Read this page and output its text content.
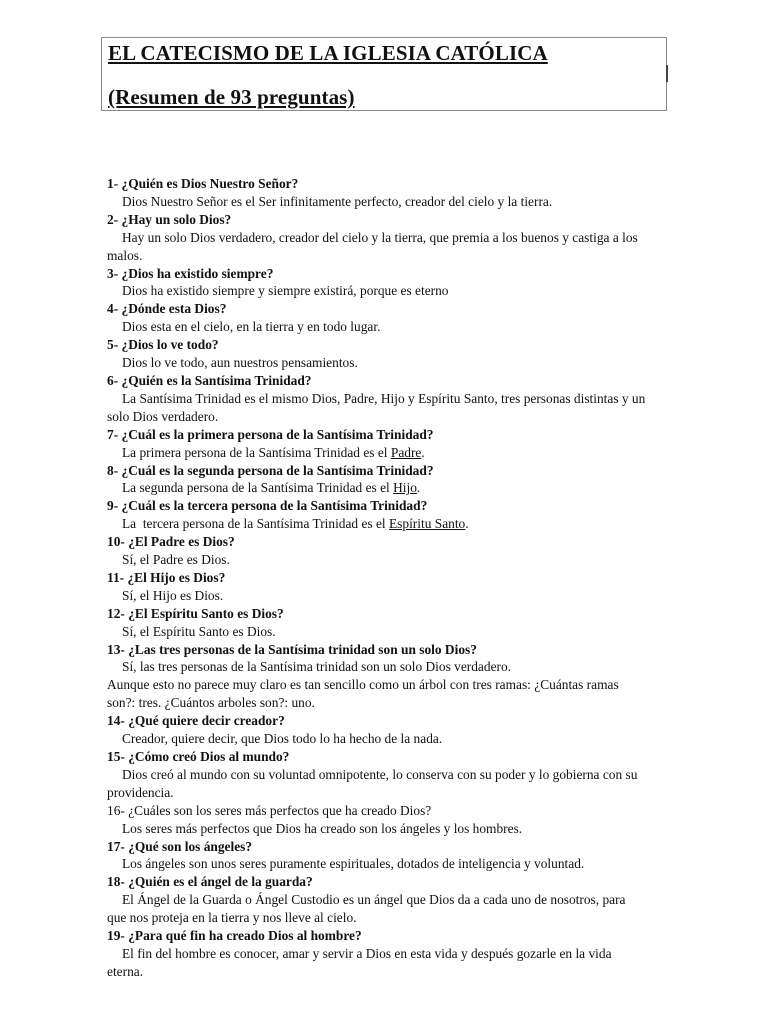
EL CATECISMO DE LA IGLESIA CATÓLICA
(Resumen de 93 preguntas)
1- ¿Quién es Dios Nuestro Señor?
Dios Nuestro Señor es el Ser infinitamente perfecto, creador del cielo y la tierra.
2- ¿Hay un solo Dios?
Hay un solo Dios verdadero, creador del cielo y la tierra, que premia a los buenos y castiga a los malos.
3- ¿Dios ha existido siempre?
Dios ha existido siempre y siempre existirá, porque es eterno
4- ¿Dónde esta Dios?
Dios esta en el cielo, en la tierra y en todo lugar.
5- ¿Dios lo ve todo?
Dios lo ve todo, aun nuestros pensamientos.
6- ¿Quién es la Santísima Trinidad?
La Santísima Trinidad es el mismo Dios, Padre, Hijo y Espíritu Santo, tres personas distintas y un solo Dios verdadero.
7- ¿Cuál es la primera persona de la Santísima Trinidad?
La primera persona de la Santísima Trinidad es el Padre.
8- ¿Cuál es la segunda persona de la Santísima Trinidad?
La segunda persona de la Santísima Trinidad es el Hijo.
9- ¿Cuál es la tercera persona de la Santísima Trinidad?
La  tercera persona de la Santísima Trinidad es el Espíritu Santo.
10- ¿El Padre es Dios?
Sí, el Padre es Dios.
11- ¿El Hijo es Dios?
Sí, el Hijo es Dios.
12- ¿El Espíritu Santo es Dios?
Sí, el Espíritu Santo es Dios.
13- ¿Las tres personas de la Santísima trinidad son un solo Dios?
Sí, las tres personas de la Santísima trinidad son un solo Dios verdadero.
Aunque esto no parece muy claro es tan sencillo como un árbol con tres ramas: ¿Cuántas ramas son?: tres. ¿Cuántos arboles son?: uno.
14- ¿Qué quiere decir creador?
Creador, quiere decir, que Dios todo lo ha hecho de la nada.
15- ¿Cómo creó Dios al mundo?
Dios creó al mundo con su voluntad omnipotente, lo conserva con su poder y lo gobierna con su providencia.
16- ¿Cuáles son los seres más perfectos que ha creado Dios?
Los seres más perfectos que Dios ha creado son los ángeles y los hombres.
17- ¿Qué son los ángeles?
Los ángeles son unos seres puramente espirituales, dotados de inteligencia y voluntad.
18- ¿Quién es el ángel de la guarda?
El Ángel de la Guarda o Ángel Custodio es un ángel que Dios da a cada uno de nosotros, para que nos proteja en la tierra y nos lleve al cielo.
19- ¿Para qué fin ha creado Dios al hombre?
El fin del hombre es conocer, amar y servir a Dios en esta vida y después gozarle en la vida eterna.
